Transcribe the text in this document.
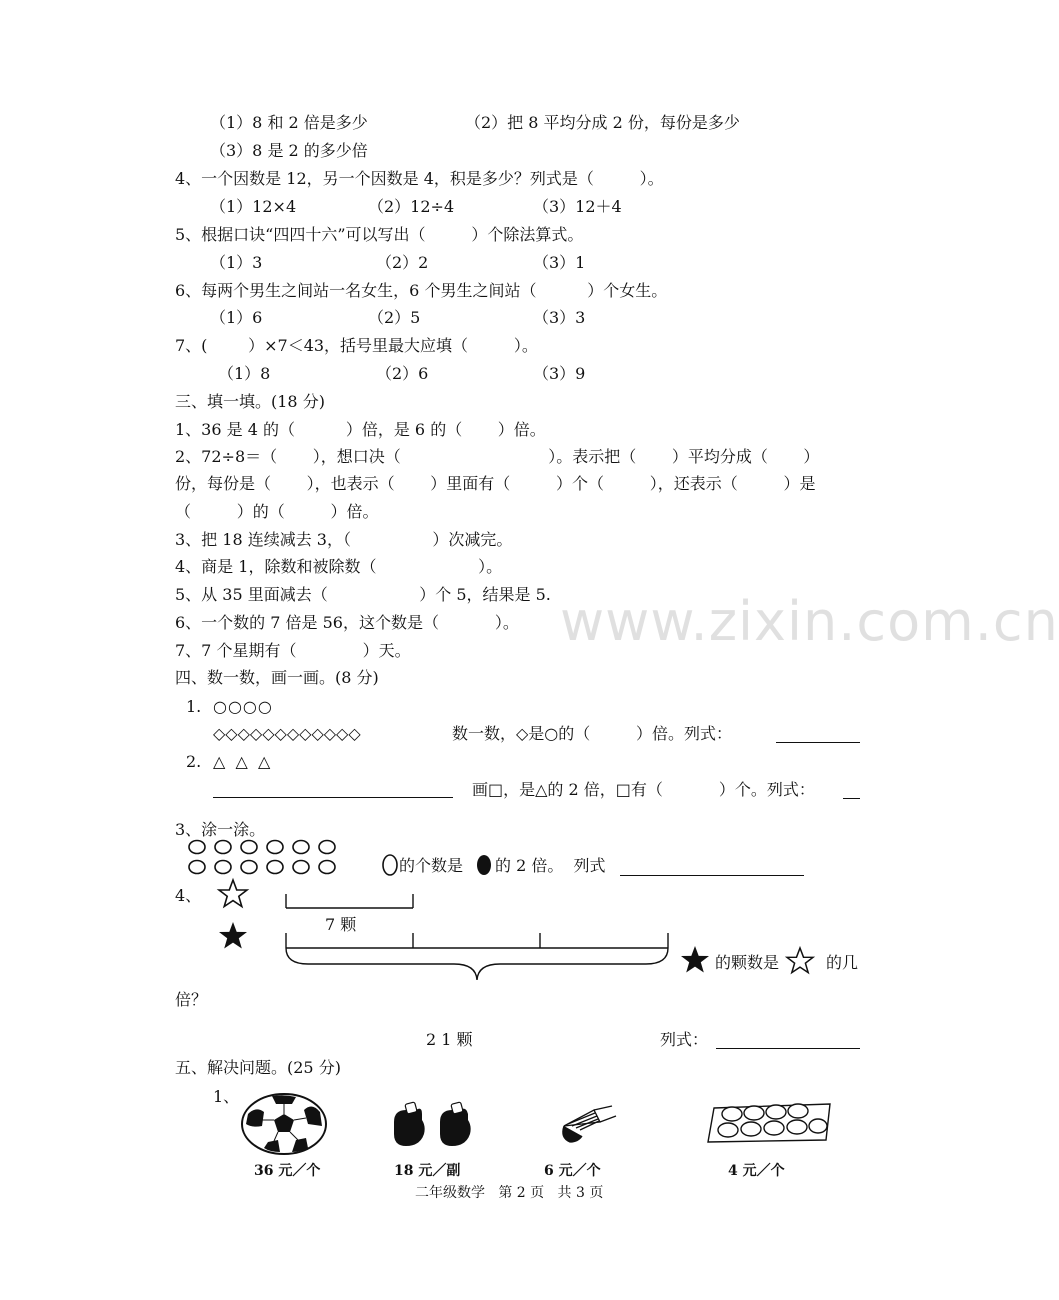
（1）8 和 2 倍是多少	（2）把 8 平均分成 2 份，每份是多少
（3）8 是 2 的多少倍
4、一个因数是 12，另一个因数是 4，积是多少？列式是（         ）。
（1）12×4	（2）12÷4	（3）12＋4
5、根据口诀“四四十六”可以写出（         ）个除法算式。
（1）3	（2）2	（3）1
6、每两个男生之间站一名女生，6 个男生之间站（          ）个女生。
（1）6	（2）5	（3）3
7、(        ）×7＜43，括号里最大应填（         ）。
（1）8	（2）6	（3）9
三、填一填。(18 分)
1、36 是 4 的（          ）倍，是 6 的（       ）倍。
2、72÷8＝（       ），想口决（                             ）。表示把（       ）平均分成（       ）
份，每份是（       ），也表示（       ）里面有（         ）个（         ），还表示（         ）是
（         ）的（         ）倍。
3、把 18 连续减去 3，（                ）次减完。
4、商是 1，除数和被除数（                    ）。
5、从 35 里面减去（                  ）个 5，结果是 5.
6、一个数的 7 倍是 56，这个数是（           ）。
7、7 个星期有（             ）天。	www.zixin.com.cn
四、数一数，画一画。(8 分)
1. ○○○○
◇◇◇◇◇◇◇◇◇◇◇◇	数一数，◇是○的（         ）倍。列式：
2. △  △  △
画□，是△的 2 倍，□有（           ）个。列式：
3、涂一涂。
的个数是 的 2 倍。  列式
4、
7 颗
的颗数是	的几
倍？
2 1 颗	列式：
五、解决问题。(25 分)
1、
36 元／个	18 元／副	6 元／个	4 元／个
二年级数学   第 2 页   共 3 页
